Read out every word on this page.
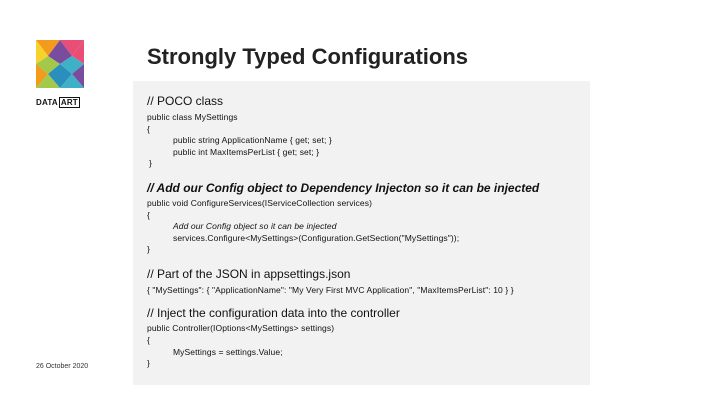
DATA ART
Strongly Typed Configurations
// POCO class
public class MySettings
{
public string ApplicationName { get; set; }
public int MaxItemsPerList { get; set; }
}
// Add our Config object to Dependency Injecton so it can be injected
public void ConfigureServices(IServiceCollection services)
{
Add our Config object so it can be injected
services.Configure<MySettings>(Configuration.GetSection("MySettings"));
}
// Part of the JSON in appsettings.json
{ "MySettings": { "ApplicationName": "My Very First MVC Application", "MaxItemsPerList": 10 } }
// Inject the configuration data into the controller
public Controller(IOptions<MySettings> settings)
{
MySettings = settings.Value;
}
26 October 2020
